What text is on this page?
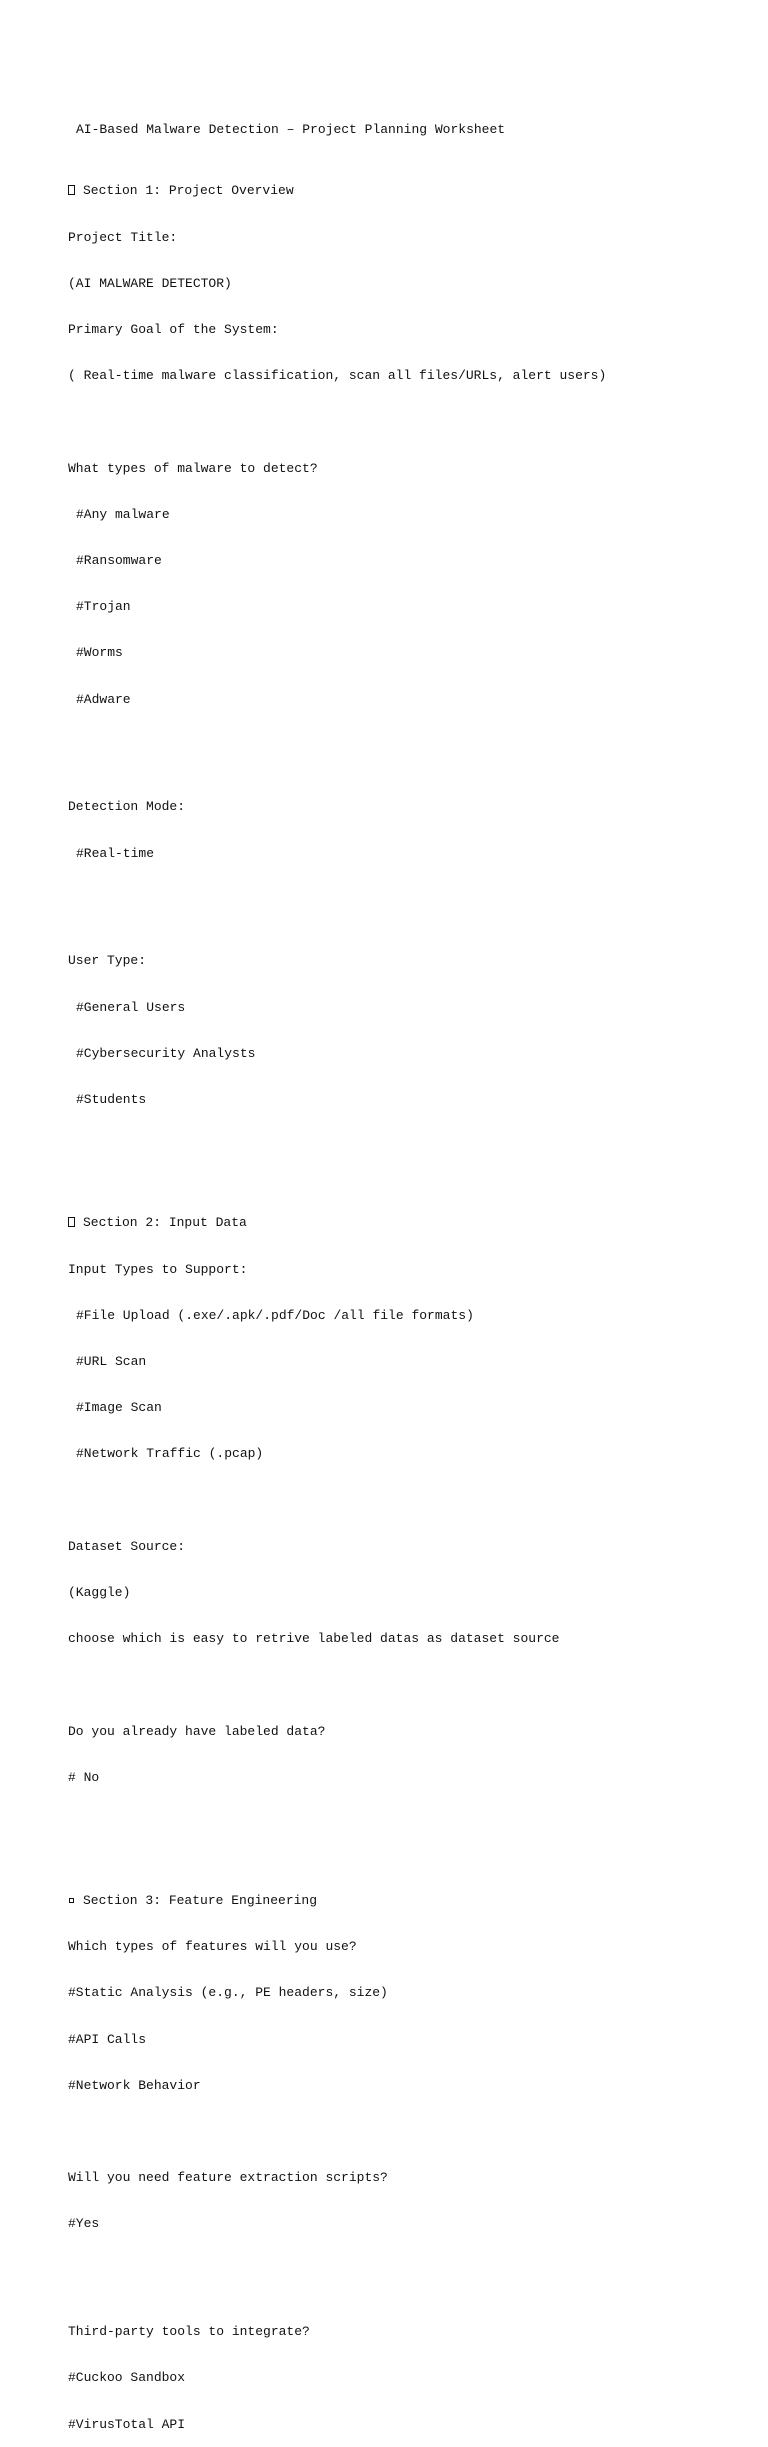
AI-Based Malware Detection – Project Planning Worksheet

Section 1: Project Overview

Project Title:

(AI MALWARE DETECTOR)

Primary Goal of the System:

( Real-time malware classification, scan all files/URLs, alert users)

What types of malware to detect?

#Any malware

#Ransomware

#Trojan

#Worms

#Adware

Detection Mode:

#Real-time

User Type:

#General Users

#Cybersecurity Analysts

#Students

Section 2: Input Data

Input Types to Support:

#File Upload (.exe/.apk/.pdf/Doc /all file formats)

#URL Scan

#Image Scan

#Network Traffic (.pcap)

Dataset Source:

(Kaggle)

choose which is easy to retrive labeled datas as dataset source

Do you already have labeled data?

# No

Section 3: Feature Engineering

Which types of features will you use?

#Static Analysis (e.g., PE headers, size)

#API Calls

#Network Behavior

Will you need feature extraction scripts?

#Yes

Third-party tools to integrate?

#Cuckoo Sandbox

#VirusTotal API
